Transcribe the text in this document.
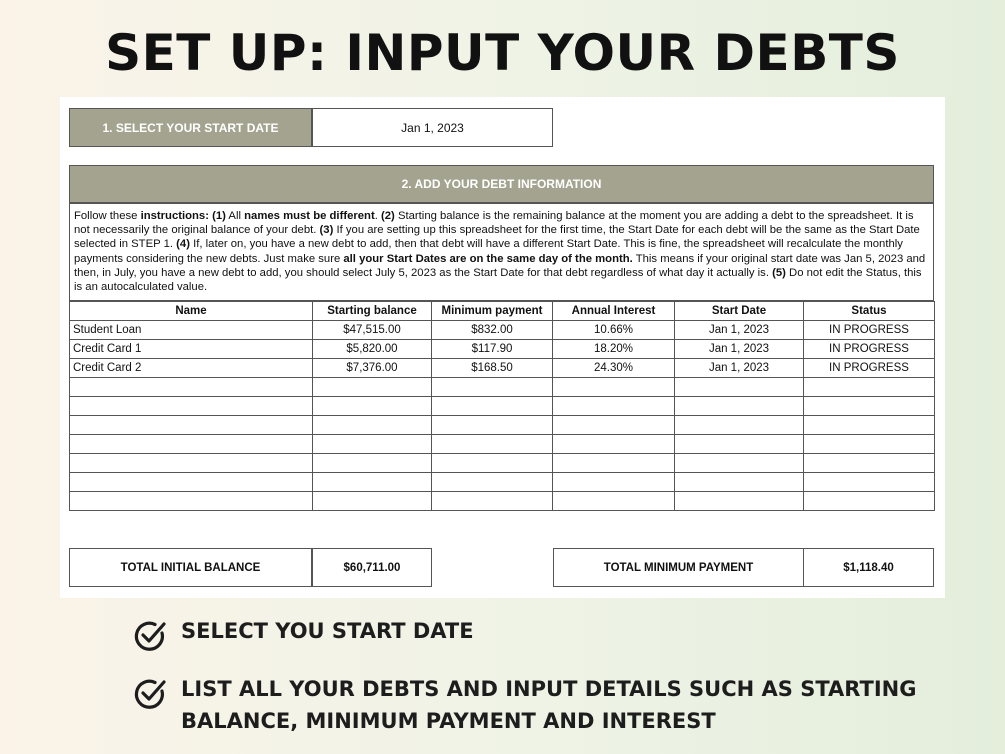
SET UP: INPUT YOUR DEBTS
1. SELECT YOUR START DATE	Jan 1, 2023
2. ADD YOUR DEBT INFORMATION
Follow these instructions: (1) All names must be different. (2) Starting balance is the remaining balance at the moment you are adding a debt to the spreadsheet. It is not necessarily the original balance of your debt. (3) If you are setting up this spreadsheet for the first time, the Start Date for each debt will be the same as the Start Date selected in STEP 1. (4) If, later on, you have a new debt to add, then that debt will have a different Start Date. This is fine, the spreadsheet will recalculate the monthly payments considering the new debts. Just make sure all your Start Dates are on the same day of the month. This means if your original start date was Jan 5, 2023 and then, in July, you have a new debt to add, you should select July 5, 2023 as the Start Date for that debt regardless of what day it actually is. (5) Do not edit the Status, this is an autocalculated value.
Name	Starting balance	Minimum payment	Annual Interest	Start Date	Status
Student Loan	$47,515.00	$832.00	10.66%	Jan 1, 2023	IN PROGRESS
Credit Card 1	$5,820.00	$117.90	18.20%	Jan 1, 2023	IN PROGRESS
Credit Card 2	$7,376.00	$168.50	24.30%	Jan 1, 2023	IN PROGRESS

TOTAL INITIAL BALANCE	$60,711.00	TOTAL MINIMUM PAYMENT	$1,118.40
SELECT YOU START DATE
LIST ALL YOUR DEBTS AND INPUT DETAILS SUCH AS STARTING
BALANCE, MINIMUM PAYMENT AND INTEREST
